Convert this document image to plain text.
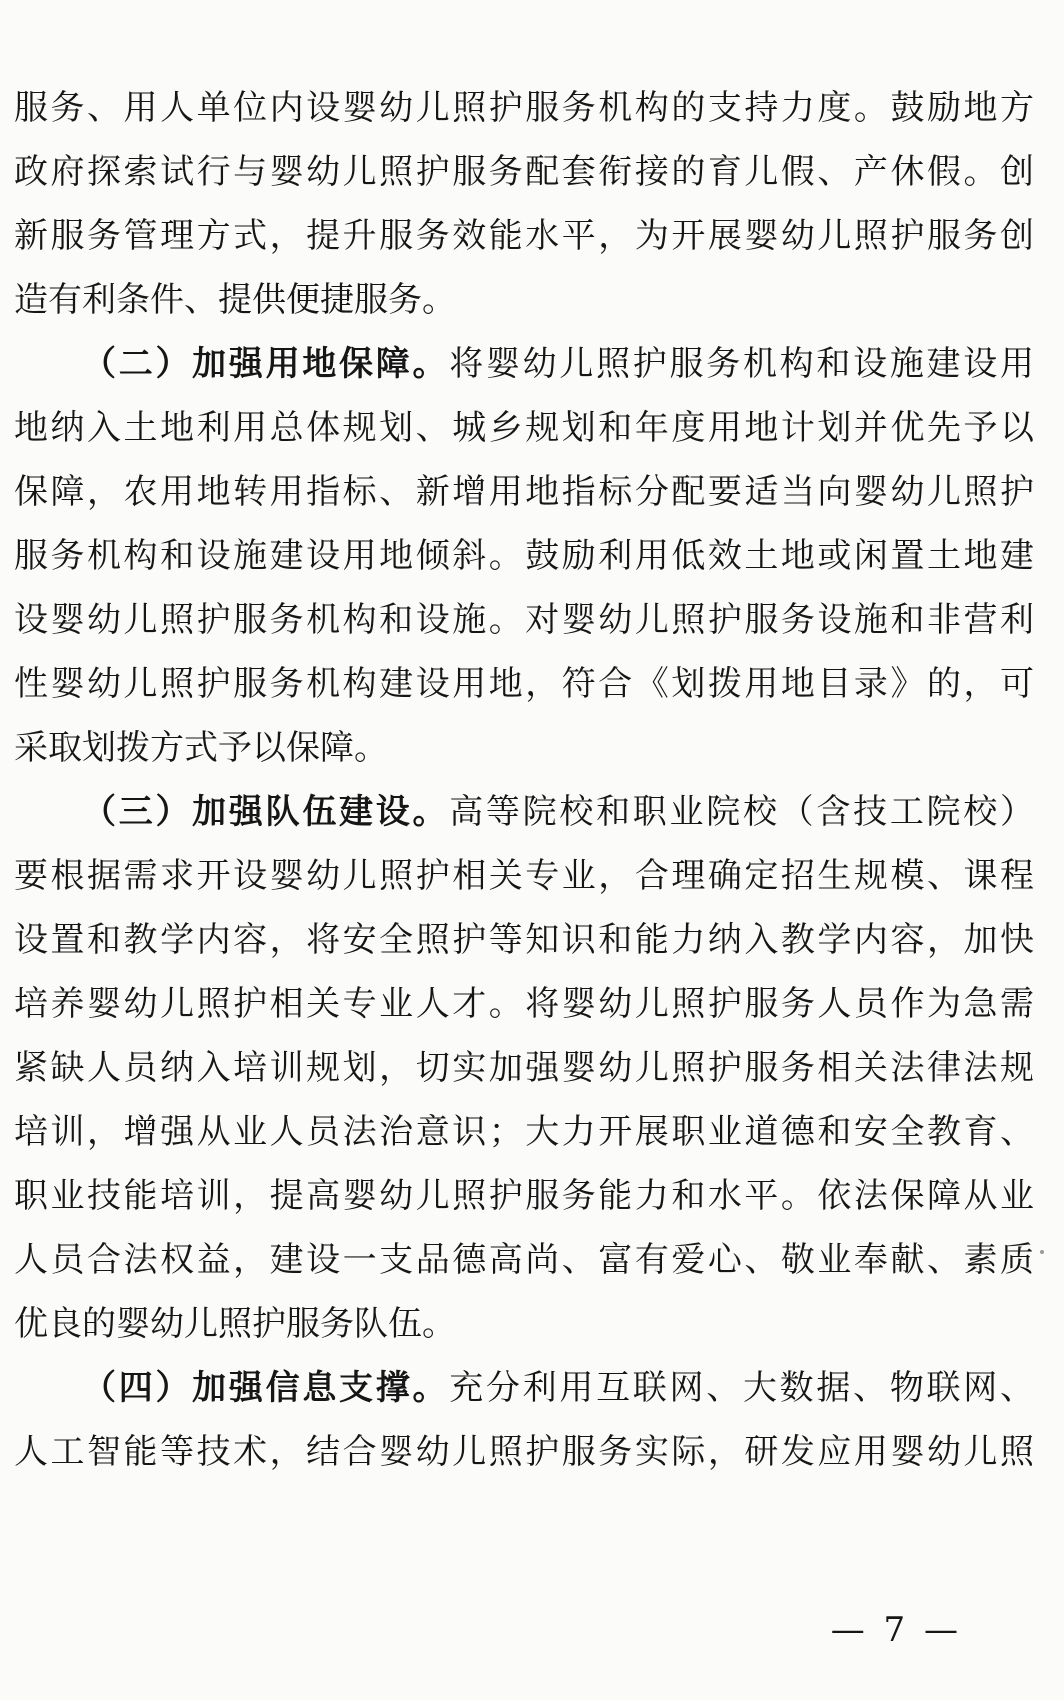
服务、用人单位内设婴幼儿照护服务机构的支持力度。鼓励地方
政府探索试行与婴幼儿照护服务配套衔接的育儿假、产休假。创
新服务管理方式，提升服务效能水平，为开展婴幼儿照护服务创
造有利条件、提供便捷服务。
（二）加强用地保障。将婴幼儿照护服务机构和设施建设用
地纳入土地利用总体规划、城乡规划和年度用地计划并优先予以
保障，农用地转用指标、新增用地指标分配要适当向婴幼儿照护
服务机构和设施建设用地倾斜。鼓励利用低效土地或闲置土地建
设婴幼儿照护服务机构和设施。对婴幼儿照护服务设施和非营利
性婴幼儿照护服务机构建设用地，符合《划拨用地目录》的，可
采取划拨方式予以保障。
（三）加强队伍建设。高等院校和职业院校（含技工院校）
要根据需求开设婴幼儿照护相关专业，合理确定招生规模、课程
设置和教学内容，将安全照护等知识和能力纳入教学内容，加快
培养婴幼儿照护相关专业人才。将婴幼儿照护服务人员作为急需
紧缺人员纳入培训规划，切实加强婴幼儿照护服务相关法律法规
培训，增强从业人员法治意识；大力开展职业道德和安全教育、
职业技能培训，提高婴幼儿照护服务能力和水平。依法保障从业
人员合法权益，建设一支品德高尚、富有爱心、敬业奉献、素质
优良的婴幼儿照护服务队伍。
（四）加强信息支撑。充分利用互联网、大数据、物联网、
人工智能等技术，结合婴幼儿照护服务实际，研发应用婴幼儿照
— 7 —
